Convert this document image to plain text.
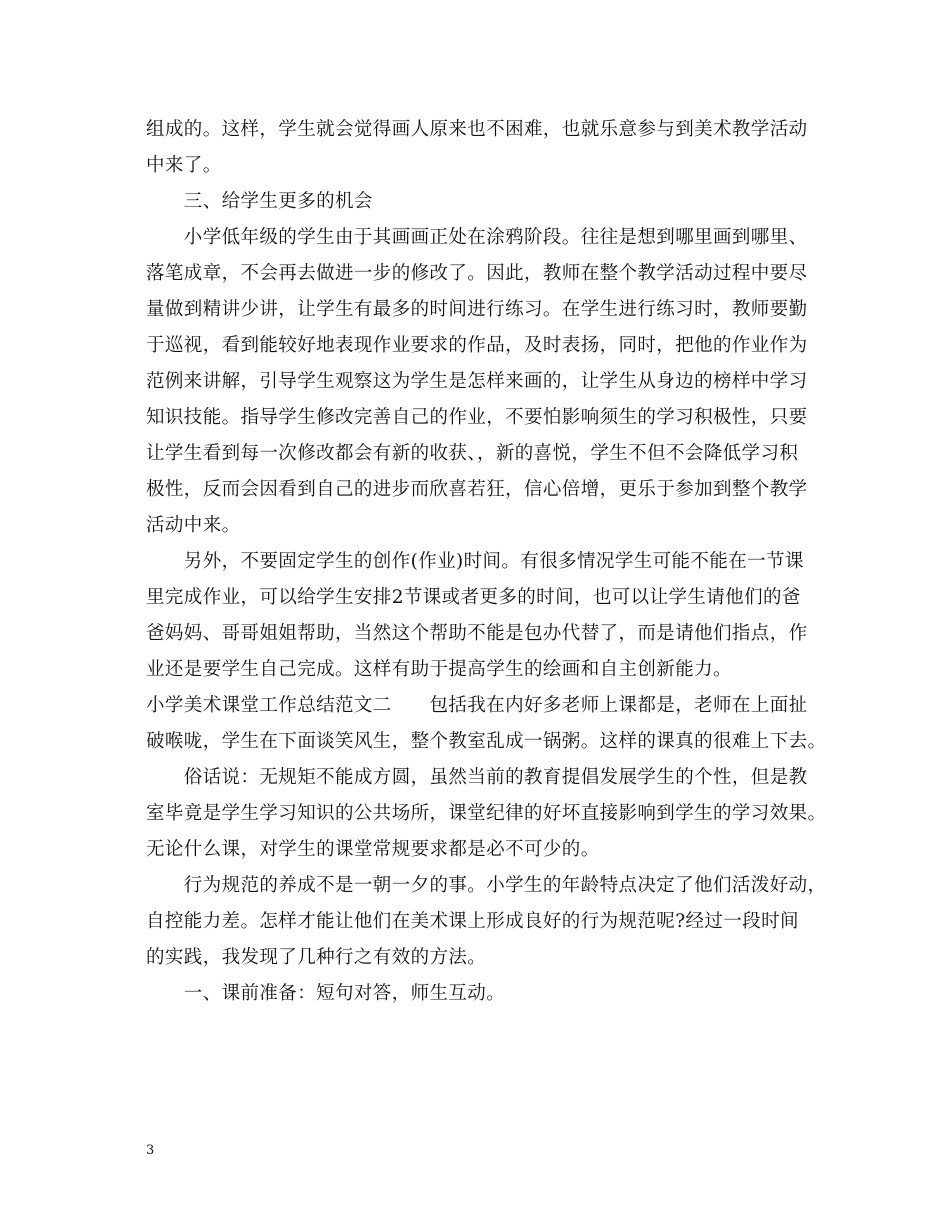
组成的。这样，学生就会觉得画人原来也不困难，也就乐意参与到美术教学活动
中来了。
　　三、给学生更多的机会
　　小学低年级的学生由于其画画正处在涂鸦阶段。往往是想到哪里画到哪里、
落笔成章，不会再去做进一步的修改了。因此，教师在整个教学活动过程中要尽
量做到精讲少讲，让学生有最多的时间进行练习。在学生进行练习时，教师要勤
于巡视，看到能较好地表现作业要求的作品，及时表扬，同时，把他的作业作为
范例来讲解，引导学生观察这为学生是怎样来画的，让学生从身边的榜样中学习
知识技能。指导学生修改完善自己的作业，不要怕影响须生的学习积极性，只要
让学生看到每一次修改都会有新的收获、，新的喜悦，学生不但不会降低学习积
极性，反而会因看到自己的进步而欣喜若狂，信心倍增，更乐于参加到整个教学
活动中来。
　　另外，不要固定学生的创作(作业)时间。有很多情况学生可能不能在一节课
里完成作业，可以给学生安排2节课或者更多的时间，也可以让学生请他们的爸
爸妈妈、哥哥姐姐帮助，当然这个帮助不能是包办代替了，而是请他们指点，作
业还是要学生自己完成。这样有助于提高学生的绘画和自主创新能力。
小学美术课堂工作总结范文二　　包括我在内好多老师上课都是，老师在上面扯
破喉咙，学生在下面谈笑风生，整个教室乱成一锅粥。这样的课真的很难上下去。
　　俗话说：无规矩不能成方圆，虽然当前的教育提倡发展学生的个性，但是教
室毕竟是学生学习知识的公共场所，课堂纪律的好坏直接影响到学生的学习效果。
无论什么课，对学生的课堂常规要求都是必不可少的。
　　行为规范的养成不是一朝一夕的事。小学生的年龄特点决定了他们活泼好动，
自控能力差。怎样才能让他们在美术课上形成良好的行为规范呢?经过一段时间
的实践，我发现了几种行之有效的方法。
　　一、课前准备：短句对答，师生互动。
3
